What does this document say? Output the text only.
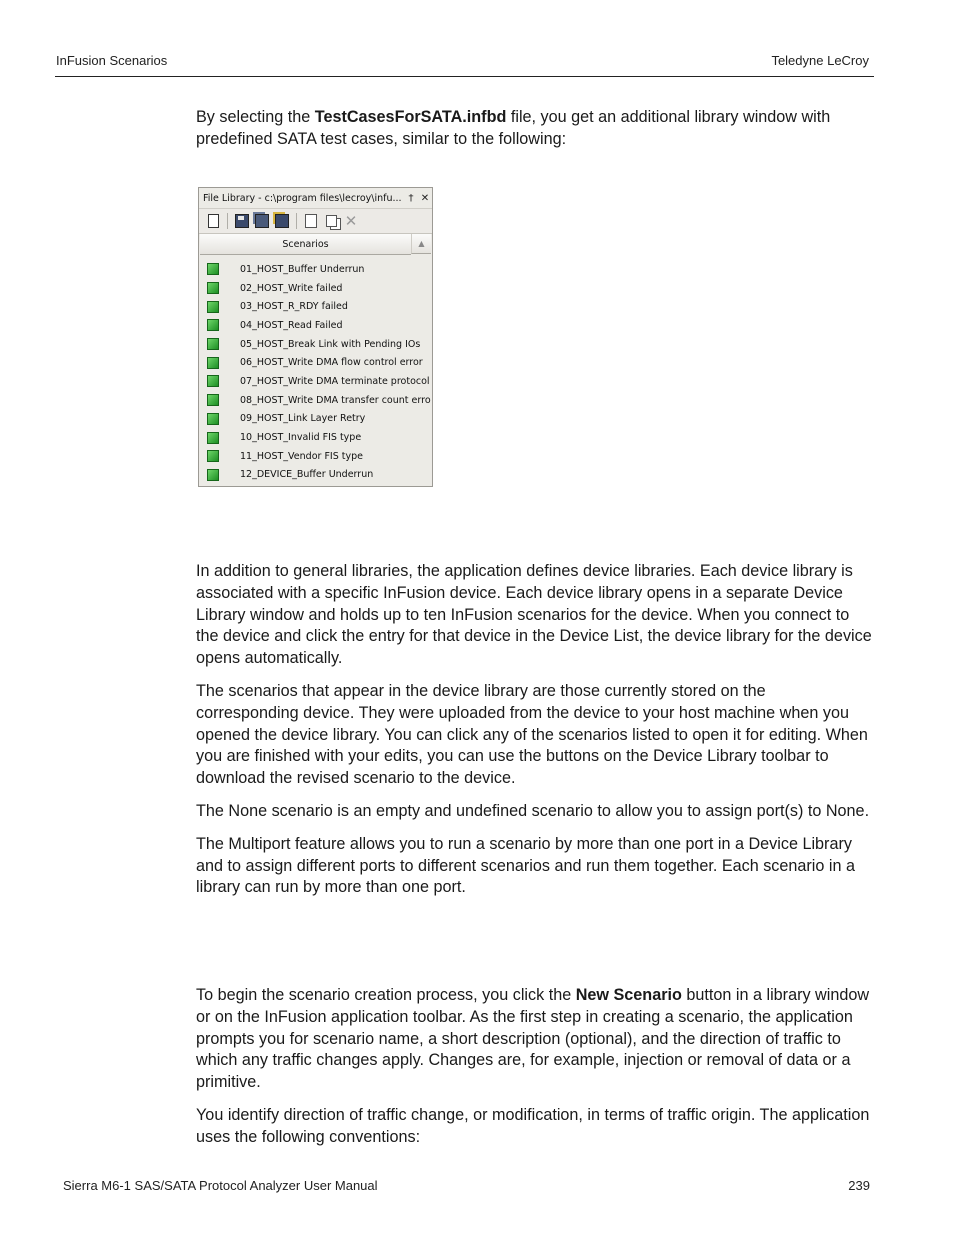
InFusion Scenarios	Teledyne LeCroy

By selecting the TestCasesForSATA.infbd file, you get an additional library window with predefined SATA test cases, similar to the following:

File Library - c:\program files\lecroy\infu... † ✕
✕
Scenarios	▲
01_HOST_Buffer Underrun
02_HOST_Write failed
03_HOST_R_RDY failed
04_HOST_Read Failed
05_HOST_Break Link with Pending IOs
06_HOST_Write DMA flow control error
07_HOST_Write DMA terminate protocol
08_HOST_Write DMA transfer count erro
09_HOST_Link Layer Retry
10_HOST_Invalid FIS type
11_HOST_Vendor FIS type
12_DEVICE_Buffer Underrun

In addition to general libraries, the application defines device libraries. Each device library is associated with a specific InFusion device. Each device library opens in a separate Device Library window and holds up to ten InFusion scenarios for the device. When you connect to the device and click the entry for that device in the Device List, the device library for the device opens automatically.

The scenarios that appear in the device library are those currently stored on the corresponding device. They were uploaded from the device to your host machine when you opened the device library. You can click any of the scenarios listed to open it for editing. When you are finished with your edits, you can use the buttons on the Device Library toolbar to download the revised scenario to the device.

The None scenario is an empty and undefined scenario to allow you to assign port(s) to None.

The Multiport feature allows you to run a scenario by more than one port in a Device Library and to assign different ports to different scenarios and run them together. Each scenario in a library can run by more than one port.

To begin the scenario creation process, you click the New Scenario button in a library window or on the InFusion application toolbar. As the first step in creating a scenario, the application prompts you for scenario name, a short description (optional), and the direction of traffic to which any traffic changes apply. Changes are, for example, injection or removal of data or a primitive.

You identify direction of traffic change, or modification, in terms of traffic origin. The application uses the following conventions:

Sierra M6-1 SAS/SATA Protocol Analyzer User Manual	239
